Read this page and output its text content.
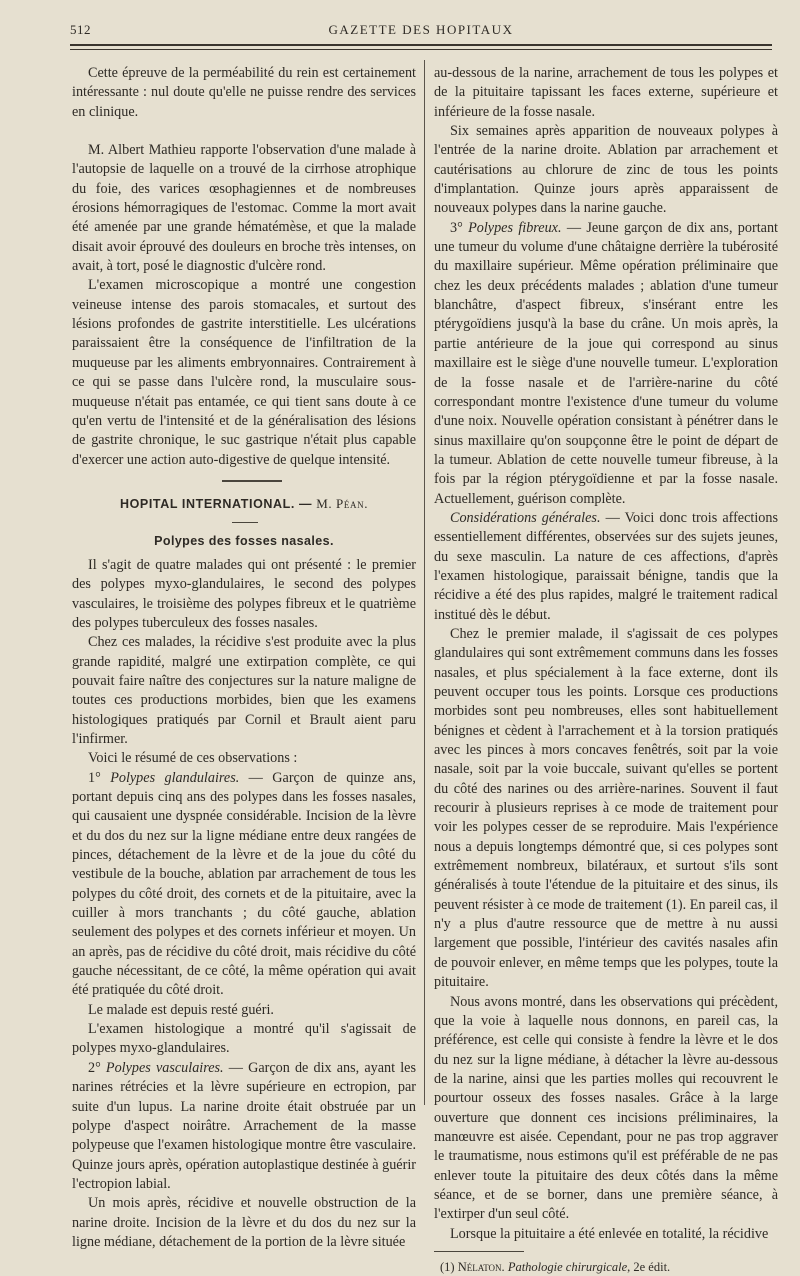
512	GAZETTE DES HOPITAUX

Cette épreuve de la perméabilité du rein est certainement intéressante : nul doute qu'elle ne puisse rendre des services en clinique.

M. Albert Mathieu rapporte l'observation d'une malade à l'autopsie de laquelle on a trouvé de la cirrhose atrophique du foie, des varices œsophagiennes et de nombreuses érosions hémorragiques de l'estomac. Comme la mort avait été amenée par une grande hématémèse, et que la malade disait avoir éprouvé des douleurs en broche très intenses, on avait, à tort, posé le diagnostic d'ulcère rond.

L'examen microscopique a montré une congestion veineuse intense des parois stomacales, et surtout des lésions profondes de gastrite interstitielle. Les ulcérations paraissaient être la conséquence de l'infiltration de la muqueuse par les aliments embryonnaires. Contrairement à ce qui se passe dans l'ulcère rond, la musculaire sous-muqueuse n'était pas entamée, ce qui tient sans doute à ce qu'en vertu de l'intensité et de la généralisation des lésions de gastrite chronique, le suc gastrique n'était plus capable d'exercer une action auto-digestive de quelque intensité.

HOPITAL INTERNATIONAL. — M. Péan.
Polypes des fosses nasales.

Il s'agit de quatre malades qui ont présenté : le premier des polypes myxo-glandulaires, le second des polypes vasculaires, le troisième des polypes fibreux et le quatrième des polypes tuberculeux des fosses nasales.

Chez ces malades, la récidive s'est produite avec la plus grande rapidité, malgré une extirpation complète, ce qui pouvait faire naître des conjectures sur la nature maligne de toutes ces productions morbides, bien que les examens histologiques pratiqués par Cornil et Brault aient paru l'infirmer.

Voici le résumé de ces observations :

1° Polypes glandulaires. — Garçon de quinze ans, portant depuis cinq ans des polypes dans les fosses nasales, qui causaient une dyspnée considérable. Incision de la lèvre et du dos du nez sur la ligne médiane entre deux rangées de pinces, détachement de la lèvre et de la joue du côté du vestibule de la bouche, ablation par arrachement de tous les polypes du côté droit, des cornets et de la pituitaire, avec la cuiller à mors tranchants ; du côté gauche, ablation seulement des polypes et des cornets inférieur et moyen. Un an après, pas de récidive du côté droit, mais récidive du côté gauche nécessitant, de ce côté, la même opération qui avait été pratiquée du côté droit.

Le malade est depuis resté guéri.

L'examen histologique a montré qu'il s'agissait de polypes myxo-glandulaires.

2° Polypes vasculaires. — Garçon de dix ans, ayant les narines rétrécies et la lèvre supérieure en ectropion, par suite d'un lupus. La narine droite était obstruée par un polype d'aspect noirâtre. Arrachement de la masse polypeuse que l'examen histologique montre être vasculaire. Quinze jours après, opération autoplastique destinée à guérir l'ectropion labial.

Un mois après, récidive et nouvelle obstruction de la narine droite. Incision de la lèvre et du dos du nez sur la ligne médiane, détachement de la portion de la lèvre située

au-dessous de la narine, arrachement de tous les polypes et de la pituitaire tapissant les faces externe, supérieure et inférieure de la fosse nasale.

Six semaines après apparition de nouveaux polypes à l'entrée de la narine droite. Ablation par arrachement et cautérisations au chlorure de zinc de tous les points d'implantation. Quinze jours après apparaissent de nouveaux polypes dans la narine gauche.

3° Polypes fibreux. — Jeune garçon de dix ans, portant une tumeur du volume d'une châtaigne derrière la tubérosité du maxillaire supérieur. Même opération préliminaire que chez les deux précédents malades ; ablation d'une tumeur blanchâtre, d'aspect fibreux, s'insérant entre les ptérygoïdiens jusqu'à la base du crâne. Un mois après, la partie antérieure de la joue qui correspond au sinus maxillaire est le siège d'une nouvelle tumeur. L'exploration de la fosse nasale et de l'arrière-narine du côté correspondant montre l'existence d'une tumeur du volume d'une noix. Nouvelle opération consistant à pénétrer dans le sinus maxillaire qu'on soupçonne être le point de départ de la tumeur. Ablation de cette nouvelle tumeur fibreuse, à la fois par la région ptérygoïdienne et par la fosse nasale. Actuellement, guérison complète.

Considérations générales. — Voici donc trois affections essentiellement différentes, observées sur des sujets jeunes, du sexe masculin. La nature de ces affections, d'après l'examen histologique, paraissait bénigne, tandis que la récidive a été des plus rapides, malgré le traitement radical institué dès le début.

Chez le premier malade, il s'agissait de ces polypes glandulaires qui sont extrêmement communs dans les fosses nasales, et plus spécialement à la face externe, dont ils peuvent occuper tous les points. Lorsque ces productions morbides sont peu nombreuses, elles sont habituellement bénignes et cèdent à l'arrachement et à la torsion pratiqués avec les pinces à mors concaves fenêtrés, soit par la voie nasale, soit par la voie buccale, suivant qu'elles se portent du côté des narines ou des arrière-narines. Souvent il faut recourir à plusieurs reprises à ce mode de traitement pour voir les polypes cesser de se reproduire. Mais l'expérience nous a depuis longtemps démontré que, si ces polypes sont extrêmement nombreux, bilatéraux, et surtout s'ils sont généralisés à toute l'étendue de la pituitaire et des sinus, ils peuvent résister à ce mode de traitement (1). En pareil cas, il n'y a plus d'autre ressource que de mettre à nu aussi largement que possible, l'intérieur des cavités nasales afin de pouvoir enlever, en même temps que les polypes, toute la pituitaire.

Nous avons montré, dans les observations qui précèdent, que la voie à laquelle nous donnons, en pareil cas, la préférence, est celle qui consiste à fendre la lèvre et le dos du nez sur la ligne médiane, à détacher la lèvre au-dessous de la narine, ainsi que les parties molles qui recouvrent le pourtour osseux des fosses nasales. Grâce à la large ouverture que donnent ces incisions préliminaires, la manœuvre est aisée. Cependant, pour ne pas trop aggraver le traumatisme, nous estimons qu'il est préférable de ne pas enlever toute la pituitaire des deux côtés dans la même séance, et de se borner, dans une première séance, à l'extirper d'un seul côté.

Lorsque la pituitaire a été enlevée en totalité, la récidive

(1) Nélaton. Pathologie chirurgicale, 2e édit.
